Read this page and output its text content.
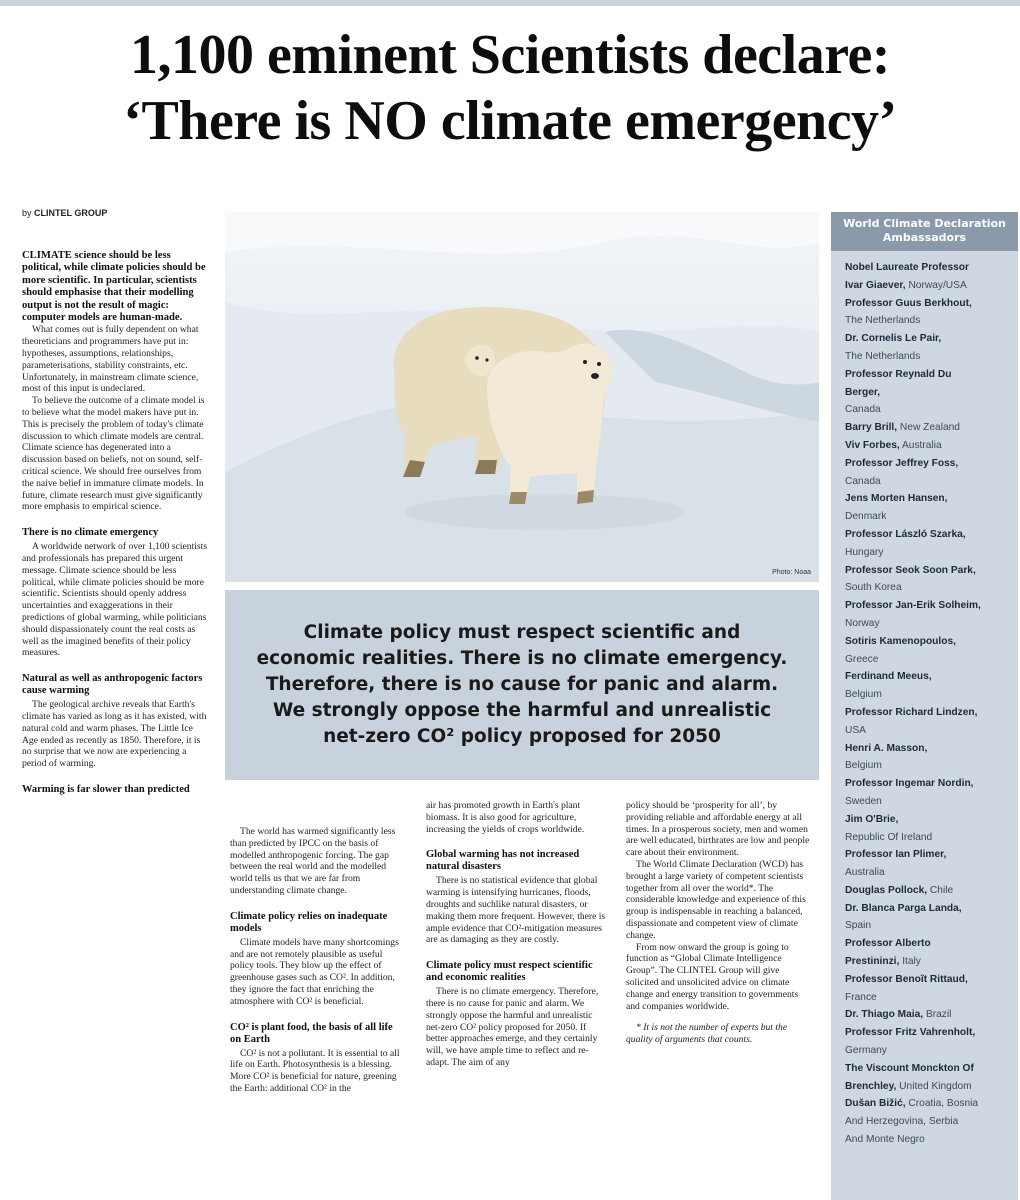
1,100 eminent Scientists declare:
‘There is NO climate emergency’
by CLINTEL GROUP

CLIMATE science should be less political, while climate policies should be more scientific. In particular, scientists should emphasise that their modelling output is not the result of magic: computer models are human-made.

What comes out is fully dependent on what theoreticians and programmers have put in: hypotheses, assumptions, relationships, parameterisations, stability constraints, etc. Unfortunately, in mainstream climate science, most of this input is undeclared.

To believe the outcome of a climate model is to believe what the model makers have put in. This is precisely the problem of today's climate discussion to which climate models are central. Climate science has degenerated into a discussion based on beliefs, not on sound, self-critical science. We should free ourselves from the naive belief in immature climate models. In future, climate research must give significantly more emphasis to empirical science.

There is no climate emergency

A worldwide network of over 1,100 scientists and professionals has prepared this urgent message. Climate science should be less political, while climate policies should be more scientific. Scientists should openly address uncertainties and exaggerations in their predictions of global warming, while politicians should dispassionately count the real costs as well as the imagined benefits of their policy measures.

Natural as well as anthropogenic factors cause warming

The geological archive reveals that Earth's climate has varied as long as it has existed, with natural cold and warm phases. The Little Ice Age ended as recently as 1850. Therefore, it is no surprise that we now are experiencing a period of warming.

Warming is far slower than predicted
Photo: Noaa

Climate policy must respect scientific and economic realities. There is no climate emergency. Therefore, there is no cause for panic and alarm. We strongly oppose the harmful and unrealistic net-zero CO² policy proposed for 2050

The world has warmed significantly less than predicted by IPCC on the basis of modelled anthropogenic forcing. The gap between the real world and the modelled world tells us that we are far from understanding climate change.

Climate policy relies on inadequate models

Climate models have many shortcomings and are not remotely plausible as useful policy tools. They blow up the effect of greenhouse gases such as CO². In addition, they ignore the fact that enriching the atmosphere with CO² is beneficial.

CO² is plant food, the basis of all life on Earth

CO² is not a pollutant. It is essential to all life on Earth. Photosynthesis is a blessing. More CO² is beneficial for nature, greening the Earth: additional CO² in the

air has promoted growth in Earth's plant biomass. It is also good for agriculture, increasing the yields of crops worldwide.

Global warming has not increased natural disasters

There is no statistical evidence that global warming is intensifying hurricanes, floods, droughts and suchlike natural disasters, or making them more frequent. However, there is ample evidence that CO²-mitigation measures are as damaging as they are costly.

Climate policy must respect scientific and economic realities

There is no climate emergency. Therefore, there is no cause for panic and alarm. We strongly oppose the harmful and unrealistic net-zero CO² policy proposed for 2050. If better approaches emerge, and they certainly will, we have ample time to reflect and re-adapt. The aim of any

policy should be ‘prosperity for all’, by providing reliable and affordable energy at all times. In a prosperous society, men and women are well educated, birthrates are low and people care about their environment.

The World Climate Declaration (WCD) has brought a large variety of competent scientists together from all over the world*. The considerable knowledge and experience of this group is indispensable in reaching a balanced, dispassionate and competent view of climate change.

From now onward the group is going to function as “Global Climate Intelligence Group”. The CLINTEL Group will give solicited and unsolicited advice on climate change and energy transition to governments and companies worldwide.

* It is not the number of experts but the quality of arguments that counts.

World Climate Declaration
Ambassadors
Nobel Laureate Professor
Ivar Giaever, Norway/USA
Professor Guus Berkhout,
The Netherlands
Dr. Cornelis Le Pair,
The Netherlands
Professor Reynald Du
Berger,
Canada
Barry Brill, New Zealand
Viv Forbes, Australia
Professor Jeffrey Foss,
Canada
Jens Morten Hansen,
Denmark
Professor László Szarka,
Hungary
Professor Seok Soon Park,
South Korea
Professor Jan-Erik Solheim,
Norway
Sotiris Kamenopoulos,
Greece
Ferdinand Meeus,
Belgium
Professor Richard Lindzen,
USA
Henri A. Masson,
Belgium
Professor Ingemar Nordin,
Sweden
Jim O'Brie,
Republic Of Ireland
Professor Ian Plimer,
Australia
Douglas Pollock, Chile
Dr. Blanca Parga Landa,
Spain
Professor Alberto
Prestininzi, Italy
Professor Benoît Rittaud,
France
Dr. Thiago Maia, Brazil
Professor Fritz Vahrenholt,
Germany
The Viscount Monckton Of
Brenchley, United Kingdom
Dušan Bižić, Croatia, Bosnia
And Herzegovina, Serbia
And Monte Negro
